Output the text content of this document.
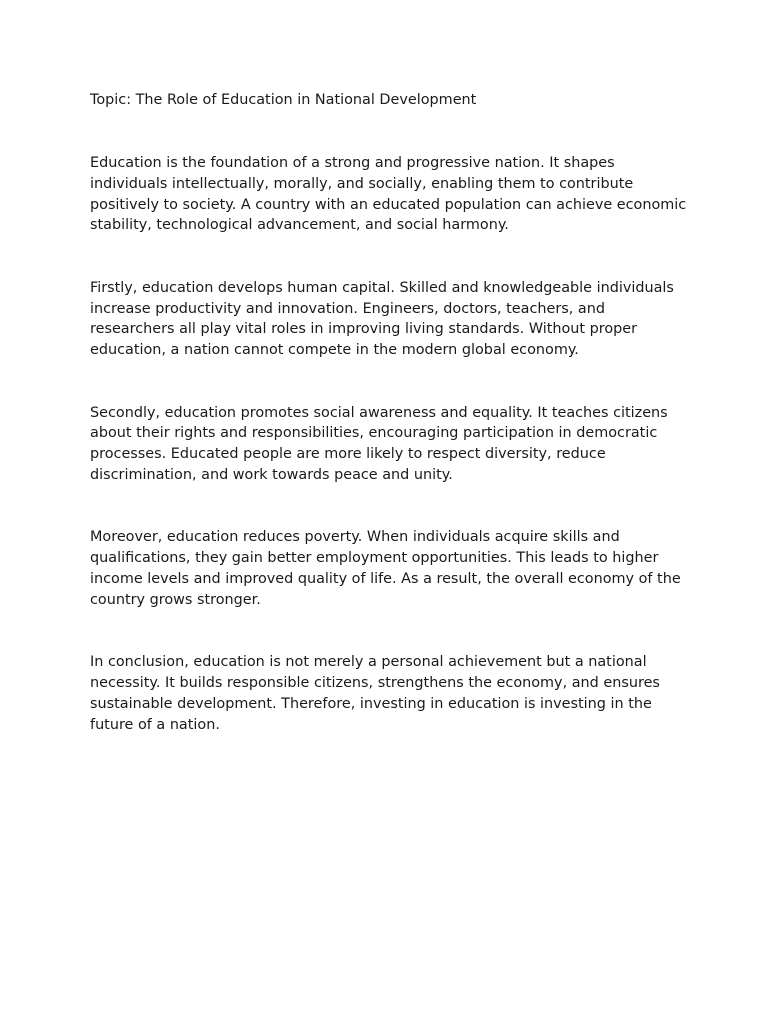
Topic: The Role of Education in National Development

Education is the foundation of a strong and progressive nation. It shapes individuals intellectually, morally, and socially, enabling them to contribute positively to society. A country with an educated population can achieve economic stability, technological advancement, and social harmony.

Firstly, education develops human capital. Skilled and knowledgeable individuals increase productivity and innovation. Engineers, doctors, teachers, and researchers all play vital roles in improving living standards. Without proper education, a nation cannot compete in the modern global economy.

Secondly, education promotes social awareness and equality. It teaches citizens about their rights and responsibilities, encouraging participation in democratic processes. Educated people are more likely to respect diversity, reduce discrimination, and work towards peace and unity.

Moreover, education reduces poverty. When individuals acquire skills and qualifications, they gain better employment opportunities. This leads to higher income levels and improved quality of life. As a result, the overall economy of the country grows stronger.

In conclusion, education is not merely a personal achievement but a national necessity. It builds responsible citizens, strengthens the economy, and ensures sustainable development. Therefore, investing in education is investing in the future of a nation.
